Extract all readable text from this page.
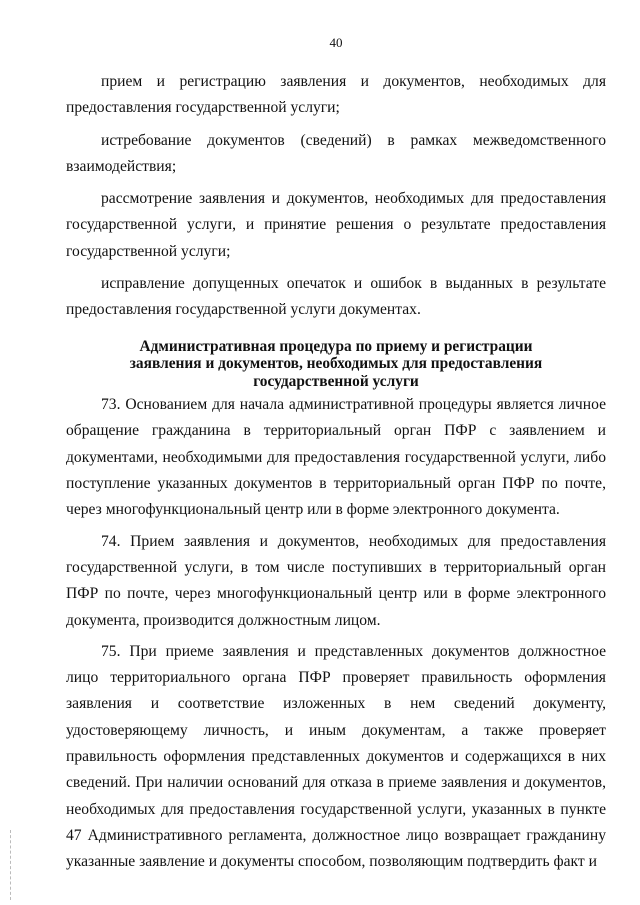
40

прием и регистрацию заявления и документов, необходимых для предоставления государственной услуги;

истребование документов (сведений) в рамках межведомственного взаимодействия;

рассмотрение заявления и документов, необходимых для предоставления государственной услуги, и принятие решения о результате предоставления государственной услуги;

исправление допущенных опечаток и ошибок в выданных в результате предоставления государственной услуги документах.

Административная процедура по приему и регистрации
заявления и документов, необходимых для предоставления
государственной услуги

73. Основанием для начала административной процедуры является личное обращение гражданина в территориальный орган ПФР с заявлением и документами, необходимыми для предоставления государственной услуги, либо поступление указанных документов в территориальный орган ПФР по почте, через многофункциональный центр или в форме электронного документа.

74. Прием заявления и документов, необходимых для предоставления государственной услуги, в том числе поступивших в территориальный орган ПФР по почте, через многофункциональный центр или в форме электронного документа, производится должностным лицом.

75. При приеме заявления и представленных документов должностное лицо территориального органа ПФР проверяет правильность оформления заявления и соответствие изложенных в нем сведений документу, удостоверяющему личность, и иным документам, а также проверяет правильность оформления представленных документов и содержащихся в них сведений. При наличии оснований для отказа в приеме заявления и документов, необходимых для предоставления государственной услуги, указанных в пункте 47 Административного регламента, должностное лицо возвращает гражданину указанные заявление и документы способом, позволяющим подтвердить факт и
